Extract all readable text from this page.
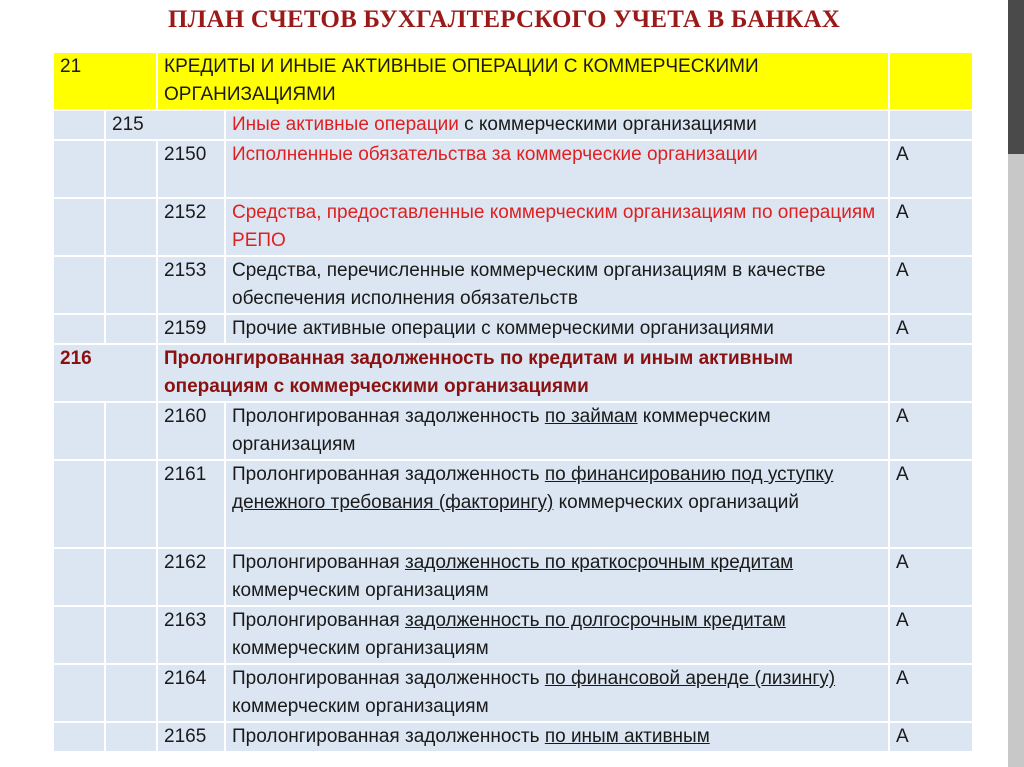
ПЛАН СЧЕТОВ БУХГАЛТЕРСКОГО УЧЕТА В БАНКАХ
21		КРЕДИТЫ И ИНЫЕ АКТИВНЫЕ ОПЕРАЦИИ С КОММЕРЧЕСКИМИ ОРГАНИЗАЦИЯМИ		
	215		Иные активные операции с коммерческими организациями	
		2150	Исполненные обязательства за коммерческие организации	А
		2152	Средства, предоставленные коммерческим организациям по операциям РЕПО	А
		2153	Средства, перечисленные коммерческим организациям в качестве обеспечения исполнения обязательств	А
		2159	Прочие активные операции с коммерческими организациями	А
216		Пролонгированная задолженность по кредитам и иным активным операциям с коммерческими организациями		
		2160	Пролонгированная задолженность по займам коммерческим организациям	А
		2161	Пролонгированная задолженность по финансированию под уступку денежного требования (факторингу) коммерческих организаций	А
		2162	Пролонгированная задолженность по краткосрочным кредитам коммерческим организациям	А
		2163	Пролонгированная задолженность по долгосрочным кредитам коммерческим организациям	А
		2164	Пролонгированная задолженность по финансовой аренде (лизингу) коммерческим организациям	А
		2165	Пролонгированная задолженность по иным активным	А
